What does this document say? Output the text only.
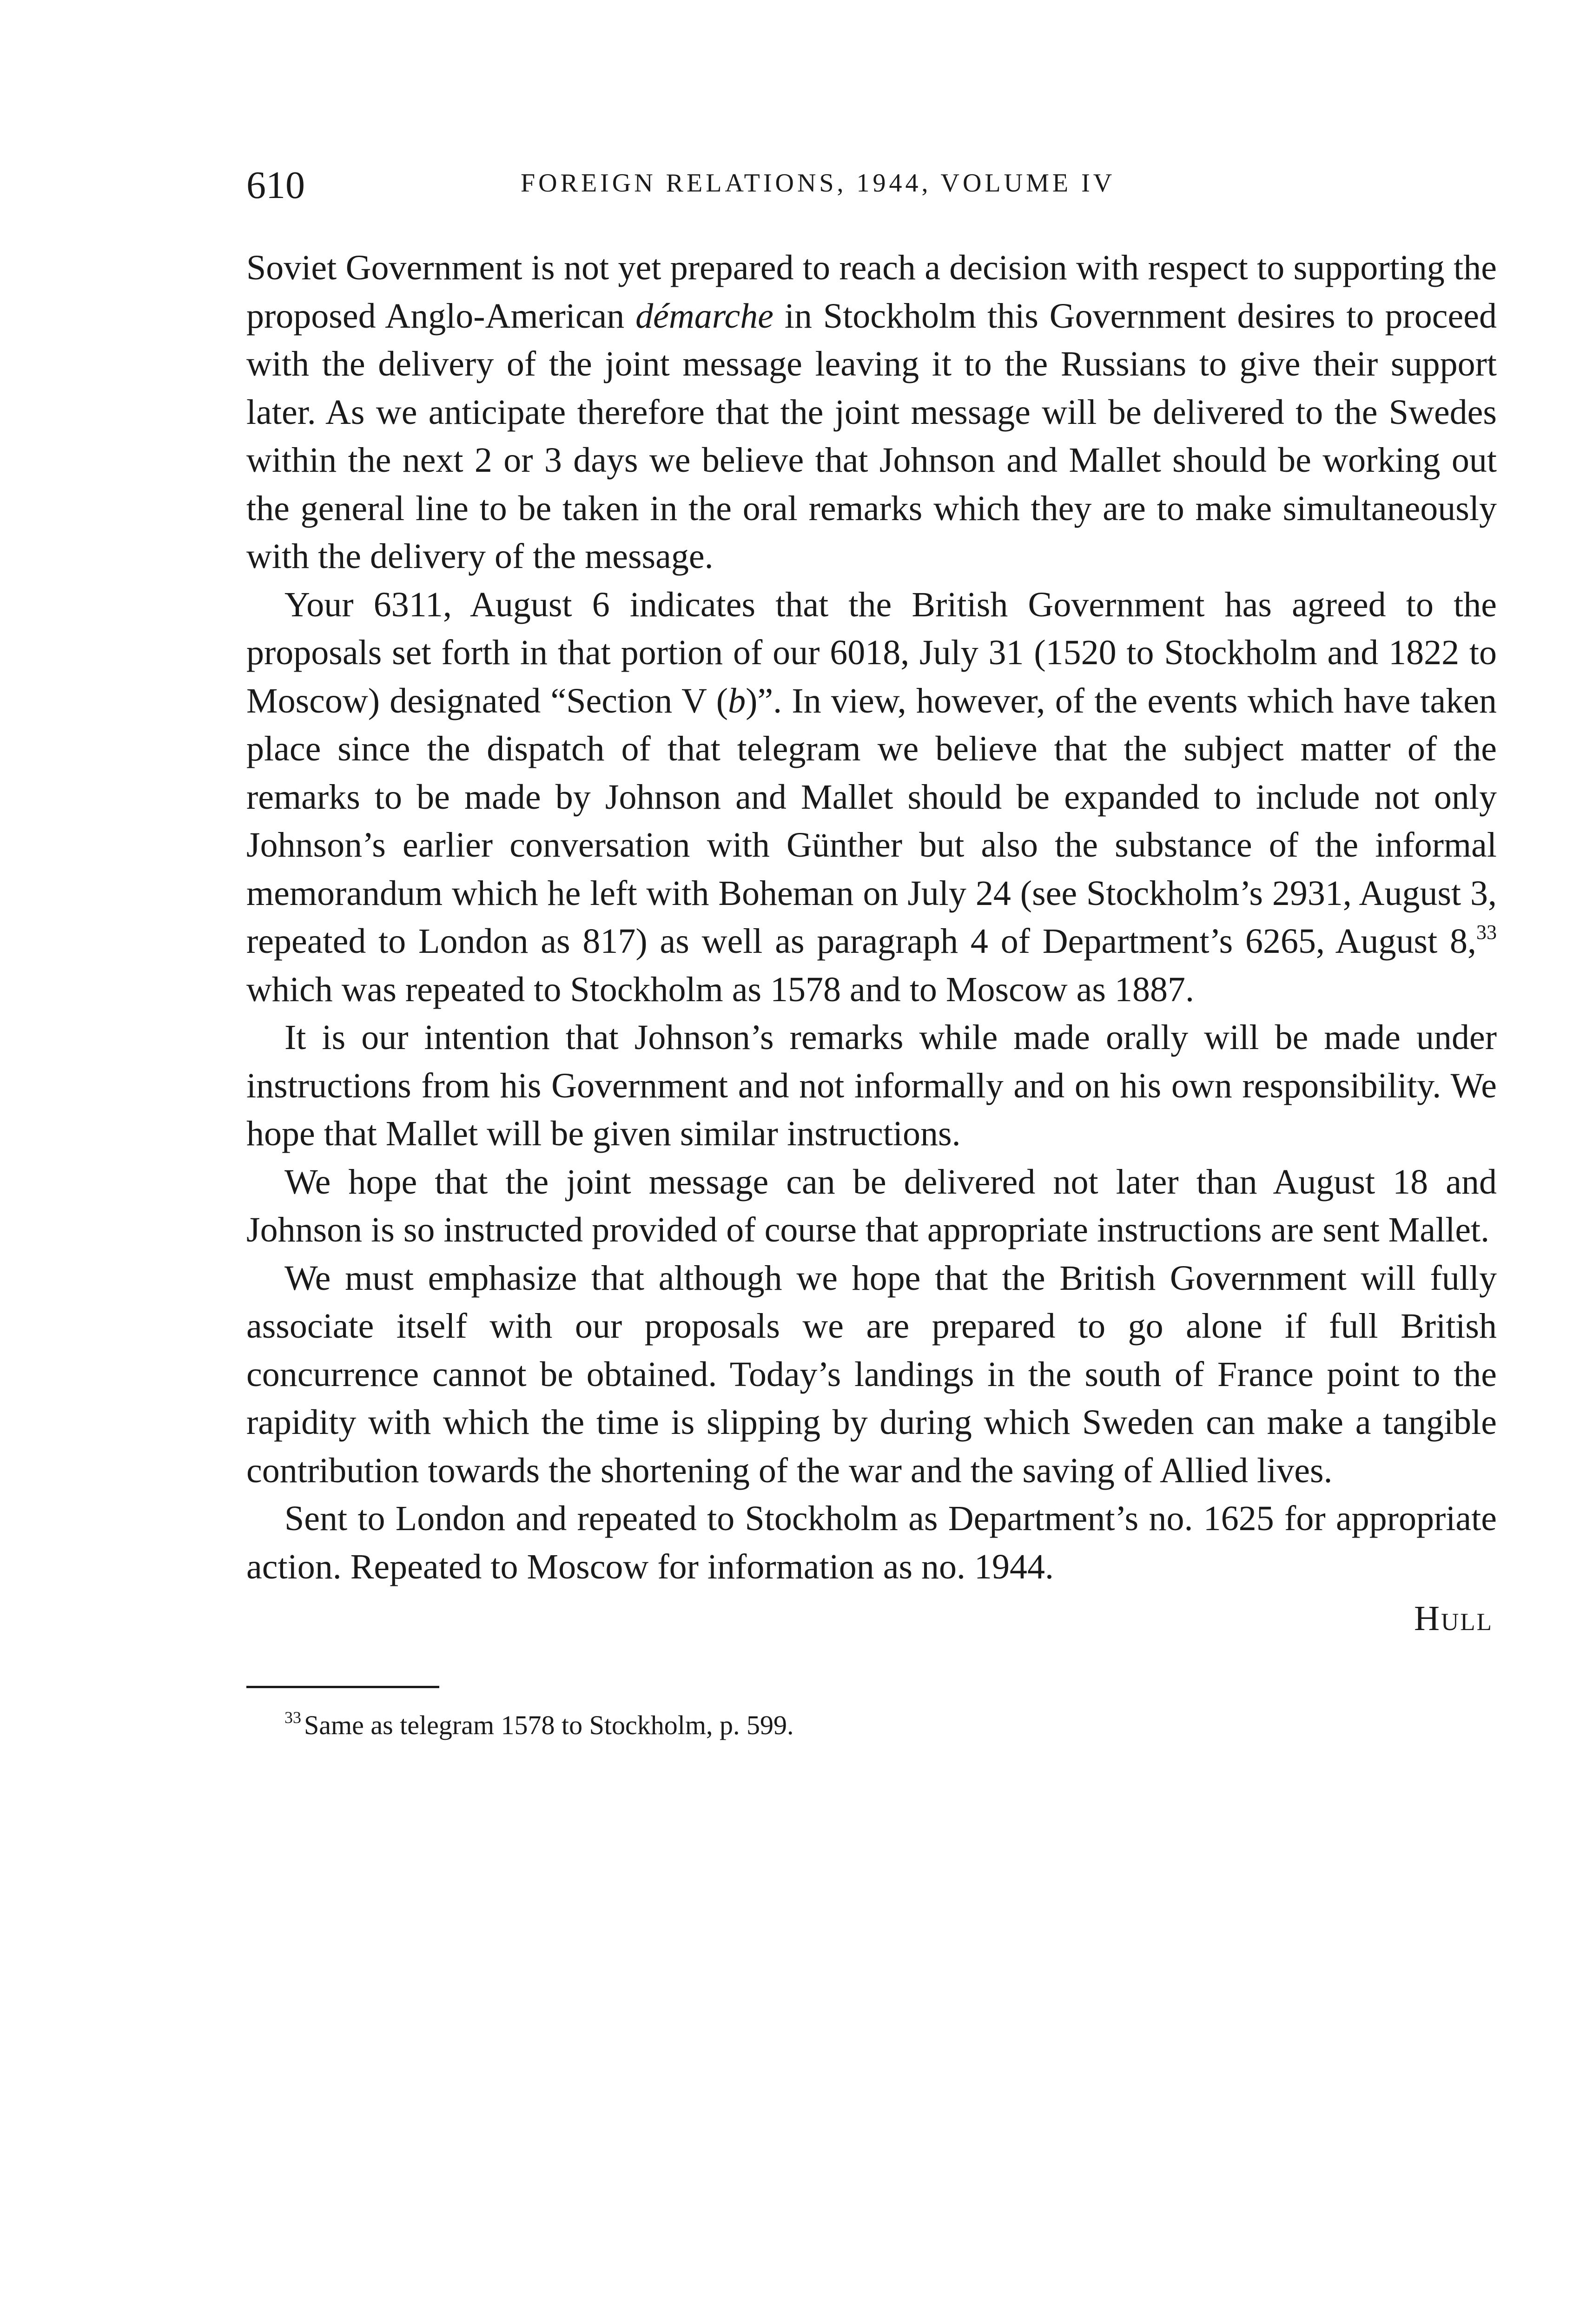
610	FOREIGN RELATIONS, 1944, VOLUME IV

Soviet Government is not yet prepared to reach a decision with respect to supporting the proposed Anglo-American démarche in Stockholm this Government desires to proceed with the delivery of the joint message leaving it to the Russians to give their support later. As we anticipate therefore that the joint message will be delivered to the Swedes within the next 2 or 3 days we believe that Johnson and Mallet should be working out the general line to be taken in the oral remarks which they are to make simultaneously with the delivery of the message.

Your 6311, August 6 indicates that the British Government has agreed to the proposals set forth in that portion of our 6018, July 31 (1520 to Stockholm and 1822 to Moscow) designated “Section V (b)”. In view, however, of the events which have taken place since the dispatch of that telegram we believe that the subject matter of the remarks to be made by Johnson and Mallet should be expanded to include not only Johnson’s earlier conversation with Günther but also the substance of the informal memorandum which he left with Boheman on July 24 (see Stockholm’s 2931, August 3, repeated to London as 817) as well as paragraph 4 of Department’s 6265, August 8,33 which was repeated to Stockholm as 1578 and to Moscow as 1887.

It is our intention that Johnson’s remarks while made orally will be made under instructions from his Government and not informally and on his own responsibility. We hope that Mallet will be given similar instructions.

We hope that the joint message can be delivered not later than August 18 and Johnson is so instructed provided of course that appropriate instructions are sent Mallet.

We must emphasize that although we hope that the British Government will fully associate itself with our proposals we are prepared to go alone if full British concurrence cannot be obtained. Today’s landings in the south of France point to the rapidity with which the time is slipping by during which Sweden can make a tangible contribution towards the shortening of the war and the saving of Allied lives.

Sent to London and repeated to Stockholm as Department’s no. 1625 for appropriate action. Repeated to Moscow for information as no. 1944.

Hull
$^{33}$ Same as telegram 1578 to Stockholm, p. 599.
